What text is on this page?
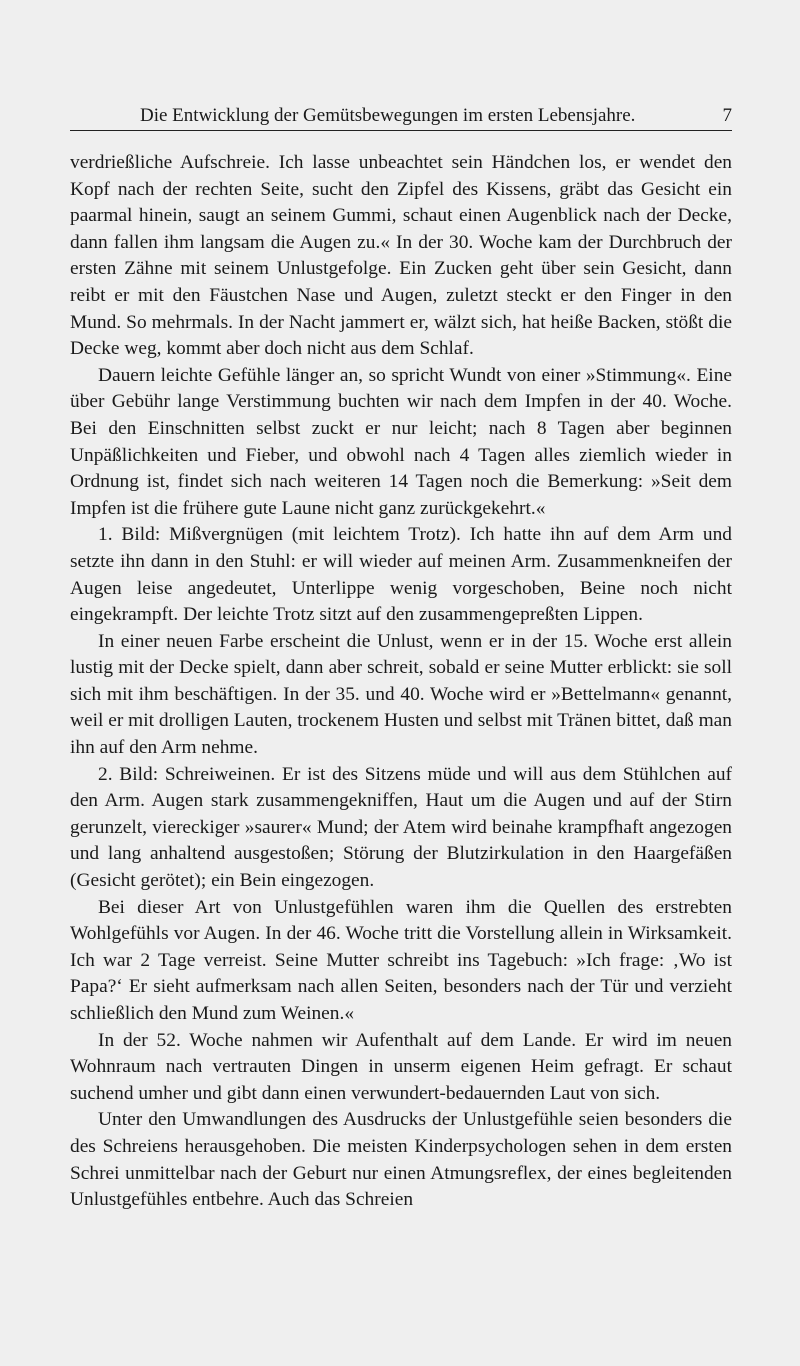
Die Entwicklung der Gemütsbewegungen im ersten Lebensjahre.	7

verdrießliche Aufschreie. Ich lasse unbeachtet sein Händchen los, er wendet den Kopf nach der rechten Seite, sucht den Zipfel des Kissens, gräbt das Gesicht ein paarmal hinein, saugt an seinem Gummi, schaut einen Augenblick nach der Decke, dann fallen ihm langsam die Augen zu.« In der 30. Woche kam der Durchbruch der ersten Zähne mit seinem Unlustgefolge. Ein Zucken geht über sein Gesicht, dann reibt er mit den Fäustchen Nase und Augen, zuletzt steckt er den Finger in den Mund. So mehrmals. In der Nacht jammert er, wälzt sich, hat heiße Backen, stößt die Decke weg, kommt aber doch nicht aus dem Schlaf.

Dauern leichte Gefühle länger an, so spricht Wundt von einer »Stimmung«. Eine über Gebühr lange Verstimmung buchten wir nach dem Impfen in der 40. Woche. Bei den Einschnitten selbst zuckt er nur leicht; nach 8 Tagen aber beginnen Unpäßlichkeiten und Fieber, und obwohl nach 4 Tagen alles ziemlich wieder in Ordnung ist, findet sich nach weiteren 14 Tagen noch die Bemerkung: »Seit dem Impfen ist die frühere gute Laune nicht ganz zurückgekehrt.«

1. Bild: Mißvergnügen (mit leichtem Trotz). Ich hatte ihn auf dem Arm und setzte ihn dann in den Stuhl: er will wieder auf meinen Arm. Zusammenkneifen der Augen leise angedeutet, Unterlippe wenig vorgeschoben, Beine noch nicht eingekrampft. Der leichte Trotz sitzt auf den zusammengepreßten Lippen.

In einer neuen Farbe erscheint die Unlust, wenn er in der 15. Woche erst allein lustig mit der Decke spielt, dann aber schreit, sobald er seine Mutter erblickt: sie soll sich mit ihm beschäftigen. In der 35. und 40. Woche wird er »Bettelmann« genannt, weil er mit drolligen Lauten, trockenem Husten und selbst mit Tränen bittet, daß man ihn auf den Arm nehme.

2. Bild: Schreiweinen. Er ist des Sitzens müde und will aus dem Stühlchen auf den Arm. Augen stark zusammengekniffen, Haut um die Augen und auf der Stirn gerunzelt, viereckiger »saurer« Mund; der Atem wird beinahe krampfhaft angezogen und lang anhaltend ausgestoßen; Störung der Blutzirkulation in den Haargefäßen (Gesicht gerötet); ein Bein eingezogen.

Bei dieser Art von Unlustgefühlen waren ihm die Quellen des erstrebten Wohlgefühls vor Augen. In der 46. Woche tritt die Vorstellung allein in Wirksamkeit. Ich war 2 Tage verreist. Seine Mutter schreibt ins Tagebuch: »Ich frage: ‚Wo ist Papa?‘ Er sieht aufmerksam nach allen Seiten, besonders nach der Tür und verzieht schließlich den Mund zum Weinen.«

In der 52. Woche nahmen wir Aufenthalt auf dem Lande. Er wird im neuen Wohnraum nach vertrauten Dingen in unserm eigenen Heim gefragt. Er schaut suchend umher und gibt dann einen verwundert-bedauernden Laut von sich.

Unter den Umwandlungen des Ausdrucks der Unlustgefühle seien besonders die des Schreiens herausgehoben. Die meisten Kinderpsychologen sehen in dem ersten Schrei unmittelbar nach der Geburt nur einen Atmungsreflex, der eines begleitenden Unlustgefühles entbehre. Auch das Schreien
